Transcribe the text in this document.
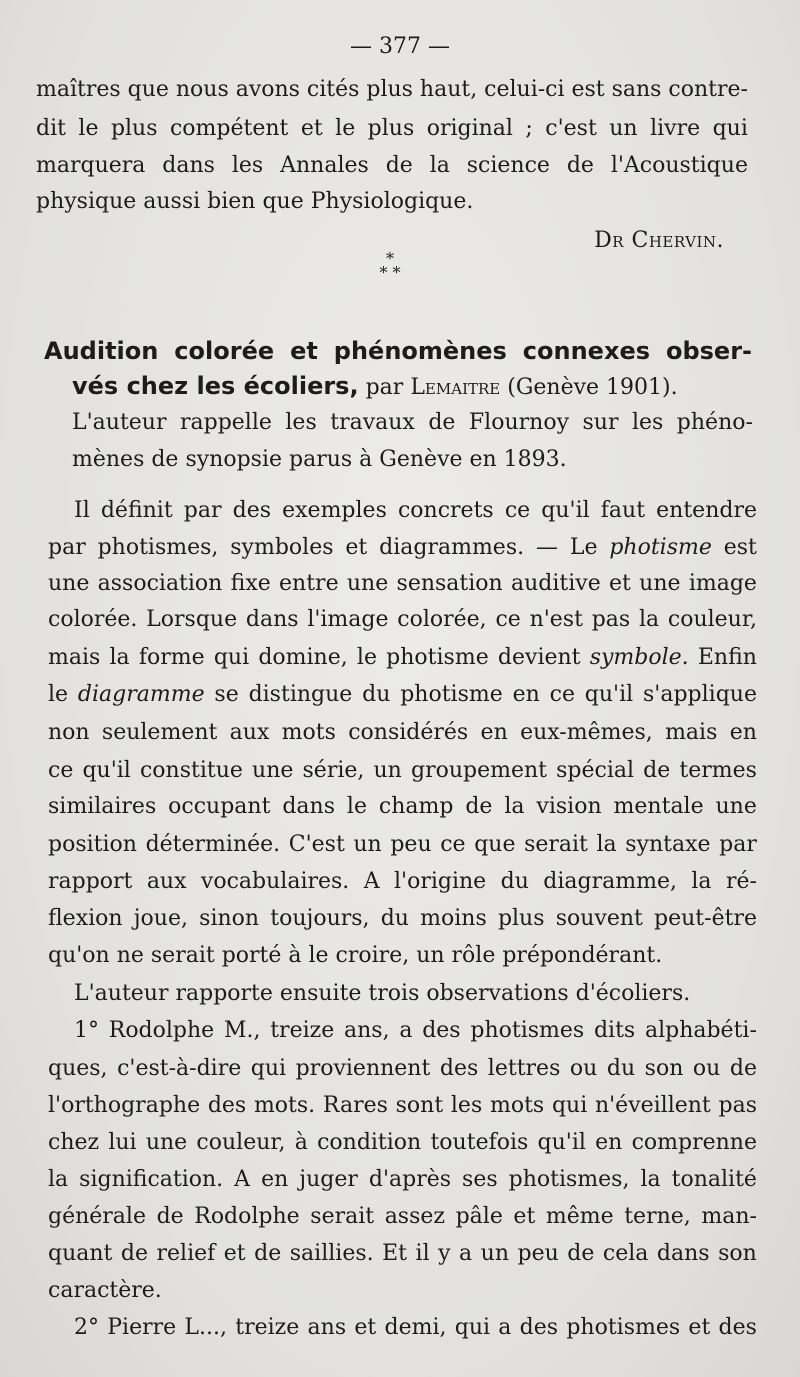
— 377 —
maîtres que nous avons cités plus haut, celui-ci est sans contre-
dit le plus compétent et le plus original ; c'est un livre qui
marquera dans les Annales de la science de l'Acoustique
physique aussi bien que Physiologique.
Dr Chervin.
*
* *
Audition colorée et phénomènes connexes obser-
vés chez les écoliers, par Lemaitre (Genève 1901).
L'auteur rappelle les travaux de Flournoy sur les phéno-
mènes de synopsie parus à Genève en 1893.
Il définit par des exemples concrets ce qu'il faut entendre
par photismes, symboles et diagrammes. — Le photisme est
une association fixe entre une sensation auditive et une image
colorée. Lorsque dans l'image colorée, ce n'est pas la couleur,
mais la forme qui domine, le photisme devient symbole. Enfin
le diagramme se distingue du photisme en ce qu'il s'applique
non seulement aux mots considérés en eux-mêmes, mais en
ce qu'il constitue une série, un groupement spécial de termes
similaires occupant dans le champ de la vision mentale une
position déterminée. C'est un peu ce que serait la syntaxe par
rapport aux vocabulaires. A l'origine du diagramme, la ré-
flexion joue, sinon toujours, du moins plus souvent peut-être
qu'on ne serait porté à le croire, un rôle prépondérant.
L'auteur rapporte ensuite trois observations d'écoliers.
1° Rodolphe M., treize ans, a des photismes dits alphabéti-
ques, c'est-à-dire qui proviennent des lettres ou du son ou de
l'orthographe des mots. Rares sont les mots qui n'éveillent pas
chez lui une couleur, à condition toutefois qu'il en comprenne
la signification. A en juger d'après ses photismes, la tonalité
générale de Rodolphe serait assez pâle et même terne, man-
quant de relief et de saillies. Et il y a un peu de cela dans son
caractère.
2° Pierre L..., treize ans et demi, qui a des photismes et des
